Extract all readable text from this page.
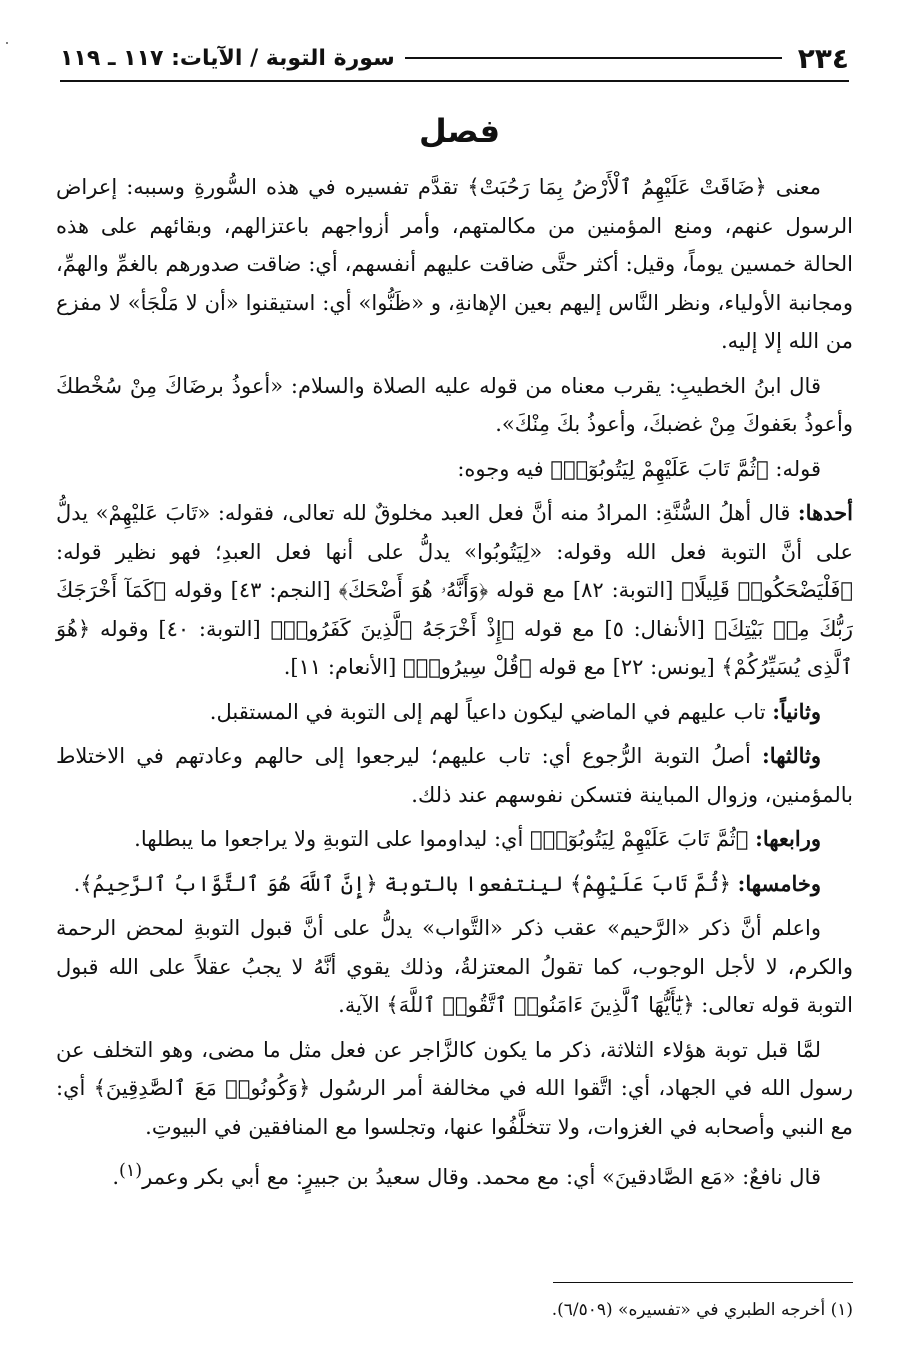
٢٣٤
سورة التوبة / الآيات: ١١٧ ـ ١١٩
فصل

معنى ﴿ضَاقَتْ عَلَيْهِمُ ٱلْأَرْضُ بِمَا رَحُبَتْ﴾ تقدَّم تفسيره في هذه السُّورةِ وسببه: إعراض الرسول عنهم، ومنع المؤمنين من مكالمتهم، وأمر أزواجهم باعتزالهم، وبقائهم على هذه الحالة خمسين يوماً، وقيل: أكثر حتَّى ضاقت عليهم أنفسهم، أي: ضاقت صدورهم بالغمِّ والهمِّ، ومجانبة الأولياء، ونظر النَّاس إليهم بعين الإهانةِ، و «ظَنُّوا» أي: استيقنوا «أن لا مَلْجَأ» لا مفزع من الله إلا إليه.

قال ابنُ الخطيبِ: يقرب معناه من قوله عليه الصلاة والسلام: «أعوذُ برضَاكَ مِنْ سُخْطكَ وأعوذُ بعَفوكَ مِنْ غضبكَ، وأعوذُ بكَ مِنْكَ».

قوله: ﴿ثُمَّ تَابَ عَلَيْهِمْ لِيَتُوبُوٓا۟﴾ فيه وجوه:

أحدها: قال أهلُ السُّنَّةِ: المرادُ منه أنَّ فعل العبد مخلوقٌ لله تعالى، فقوله: «تَابَ عَليْهِمْ» يدلُّ على أنَّ التوبة فعل الله وقوله: «لِيَتُوبُوا» يدلُّ على أنها فعل العبدِ؛ فهو نظير قوله: ﴿فَلْيَضْحَكُوا۟ قَلِيلًا﴾ [التوبة: ٨٢] مع قوله ﴿وَأَنَّهُۥ هُوَ أَضْحَكَ﴾ [النجم: ٤٣] وقوله ﴿كَمَآ أَخْرَجَكَ رَبُّكَ مِنۢ بَيْتِكَ﴾ [الأنفال: ٥] مع قوله ﴿إِذْ أَخْرَجَهُ ٱلَّذِينَ كَفَرُوا۟﴾ [التوبة: ٤٠] وقوله ﴿هُوَ ٱلَّذِى يُسَيِّرُكُمْ﴾ [يونس: ٢٢] مع قوله ﴿قُلْ سِيرُوا۟﴾ [الأنعام: ١١].

وثانياً: تاب عليهم في الماضي ليكون داعياً لهم إلى التوبة في المستقبل.

وثالثها: أصلُ التوبة الرُّجوع أي: تاب عليهم؛ ليرجعوا إلى حالهم وعادتهم في الاختلاط بالمؤمنين، وزوال المباينة فتسكن نفوسهم عند ذلك.

ورابعها: ﴿ثُمَّ تَابَ عَلَيْهِمْ لِيَتُوبُوٓا۟﴾ أي: ليداوموا على التوبةِ ولا يراجعوا ما يبطلها.

وخامسها: ﴿ثُمَّ تَابَ عَلَيْهِمْ﴾ لينتفعوا بالتوبة ﴿إِنَّ ٱللَّهَ هُوَ ٱلتَّوَّابُ ٱلرَّحِيمُ﴾.

واعلم أنَّ ذكر «الرَّحيم» عقب ذكر «التَّواب» يدلُّ على أنَّ قبول التوبةِ لمحض الرحمة والكرم، لا لأجل الوجوب، كما تقولُ المعتزلةُ، وذلك يقوي أنَّهُ لا يجبُ عقلاً على الله قبول التوبة قوله تعالى: ﴿يَٰٓأَيُّهَا ٱلَّذِينَ ءَامَنُوا۟ ٱتَّقُوا۟ ٱللَّهَ﴾ الآية.

لمَّا قبل توبة هؤلاء الثلاثة، ذكر ما يكون كالزَّاجر عن فعل مثل ما مضى، وهو التخلف عن رسول الله في الجهاد، أي: اتَّقوا الله في مخالفة أمر الرسُول ﴿وَكُونُوا۟ مَعَ ٱلصَّٰدِقِينَ﴾ أي: مع النبي وأصحابه في الغزوات، ولا تتخلَّفُوا عنها، وتجلسوا مع المنافقين في البيوتِ.

قال نافعٌ: «مَع الصَّادقينَ» أي: مع محمد. وقال سعيدُ بن جبيرٍ: مع أبي بكر وعمر$^{(١)}$.

(١) أخرجه الطبري في «تفسيره» (٦/٥٠٩).
